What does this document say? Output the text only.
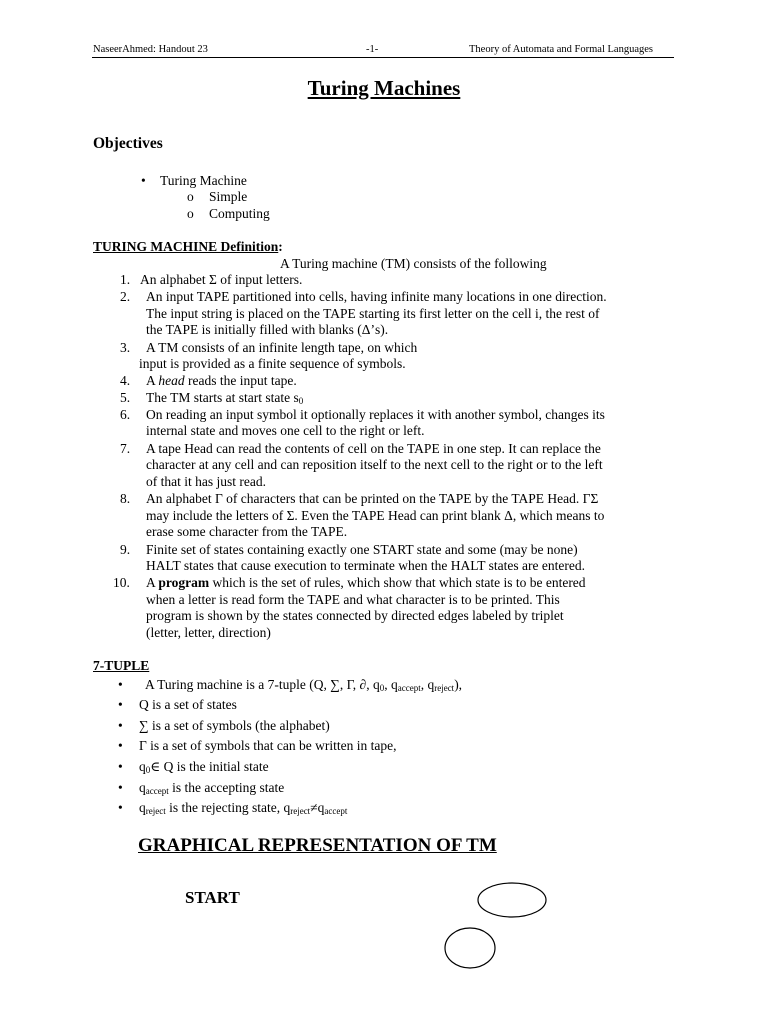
NaseerAhmed: Handout 23	-1-	Theory of Automata and Formal Languages
Turing Machines
Objectives
• Turing Machine
o Simple
o Computing
TURING MACHINE Definition:
A Turing machine (TM) consists of the following
1. An alphabet Σ of input letters.
2. An input TAPE partitioned into cells, having infinite many locations in one direction.
The input string is placed on the TAPE starting its first letter on the cell i, the rest of
the TAPE is initially filled with blanks (Δ’s).
3. A TM consists of an infinite length tape, on which
input is provided as a finite sequence of symbols.
4. A head reads the input tape.
5. The TM starts at start state $s_0$
6. On reading an input symbol it optionally replaces it with another symbol, changes its
internal state and moves one cell to the right or left.
7. A tape Head can read the contents of cell on the TAPE in one step. It can replace the
character at any cell and can reposition itself to the next cell to the right or to the left
of that it has just read.
8. An alphabet Γ of characters that can be printed on the TAPE by the TAPE Head. ΓΣ
may include the letters of Σ. Even the TAPE Head can print blank Δ, which means to
erase some character from the TAPE.
9. Finite set of states containing exactly one START state and some (may be none)
HALT states that cause execution to terminate when the HALT states are entered.
10. A program which is the set of rules, which show that which state is to be entered
when a letter is read form the TAPE and what character is to be printed. This
program is shown by the states connected by directed edges labeled by triplet
(letter, letter, direction)
7-TUPLE
• A Turing machine is a 7-tuple (Q, ∑, Γ, ∂, $q_0$, $q_{accept}$, $q_{reject}$),
• Q is a set of states
• ∑ is a set of symbols (the alphabet)
• Γ is a set of symbols that can be written in tape,
• $q_0\in$ Q is the initial state
• $q_{accept}$ is the accepting state
• $q_{reject}$ is the rejecting state, $q_{reject}\ne q_{accept}$
GRAPHICAL REPRESENTATION OF TM
START
